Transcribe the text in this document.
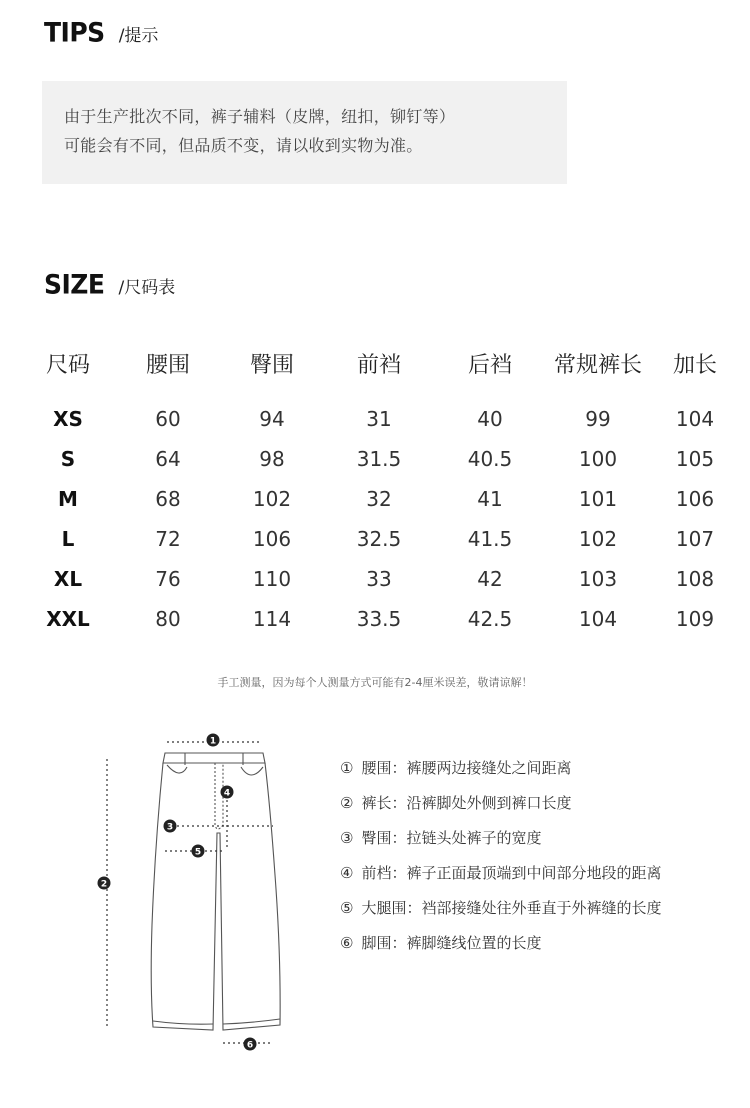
TIPS /提示

由于生产批次不同，裤子辅料（皮牌，纽扣，铆钉等）

可能会有不同，但品质不变，请以收到实物为准。

SIZE /尺码表
尺码	腰围	臀围	前裆	后裆	常规裤长	加长
XS	60	94	31	40	99	104
S	64	98	31.5	40.5	100	105
M	68	102	32	41	101	106
L	72	106	32.5	41.5	102	107
XL	76	110	33	42	103	108
XXL	80	114	33.5	42.5	104	109
手工测量，因为每个人测量方式可能有2-4厘米误差，敬请谅解！
1
2
3
4
5
6
① 腰围：裤腰两边接缝处之间距离
② 裤长：沿裤脚处外侧到裤口长度
③ 臀围：拉链头处裤子的宽度
④ 前档：裤子正面最顶端到中间部分地段的距离
⑤ 大腿围：裆部接缝处往外垂直于外裤缝的长度
⑥ 脚围：裤脚缝线位置的长度
